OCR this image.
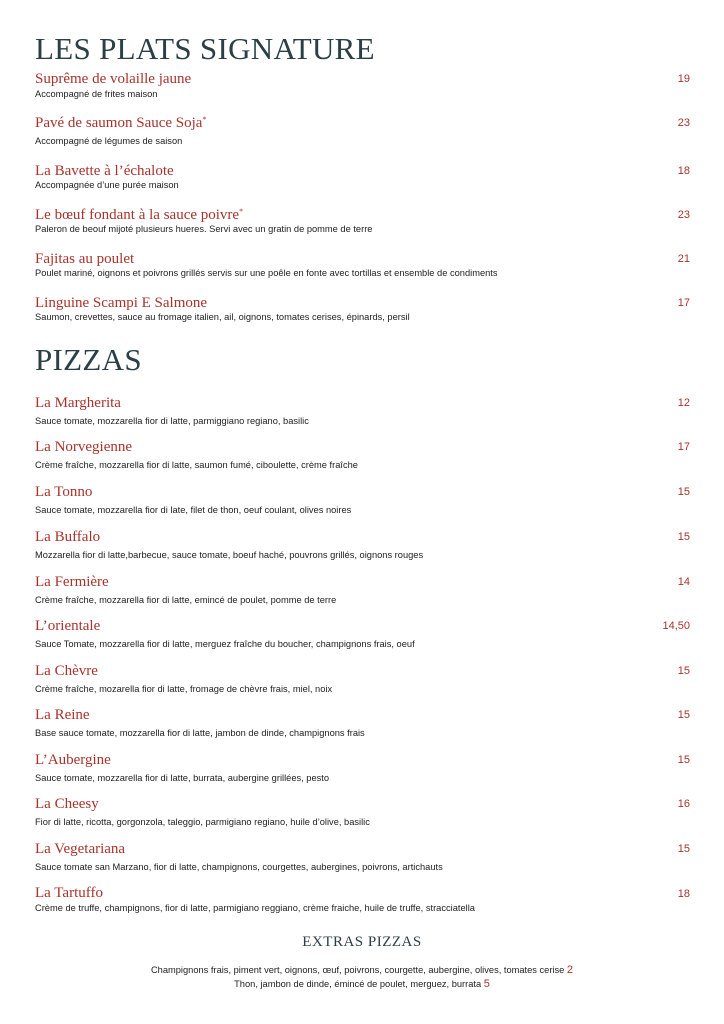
LES PLATS SIGNATURE
Suprême de volaille jaune
Accompagné de frites maison
19
Pavé de saumon Sauce Soja*
Accompagné de légumes de saison
23
La Bavette à l’échalote
Accompagnée d’une purée maison
18
Le bœuf fondant à la sauce poivre*
Paleron de beouf mijoté plusieurs hueres. Servi avec un gratin de pomme de terre
23
Fajitas au poulet
Poulet mariné, oignons et poivrons grillés servis sur une poêle en fonte avec tortillas et ensemble de condiments
21
Linguine Scampi E Salmone
Saumon, crevettes, sauce au fromage italien, ail, oignons, tomates cerises, épinards, persil
17
PIZZAS
La Margherita
Sauce tomate, mozzarella fior di latte, parmiggiano regiano, basilic
12
La Norvegienne
Crème fraîche, mozzarella fior di latte, saumon fumé, ciboulette, crème fraîche
17
La Tonno
Sauce tomate, mozzarella fior di late, filet de thon, oeuf coulant, olives noires
15
La Buffalo
Mozzarella fior di latte,barbecue, sauce tomate, boeuf haché, pouvrons grillés, oignons rouges
15
La Fermière
Crème fraîche, mozzarella fior di latte, emincé de poulet, pomme de terre
14
L’orientale
Sauce Tomate, mozzarella fior di latte, merguez fraîche du boucher, champignons frais, oeuf
14,50
La Chèvre
Crème fraîche, mozarella fior di latte, fromage de chèvre frais, miel, noix
15
La Reine
Base sauce tomate, mozzarella fior di latte, jambon de dinde, champignons frais
15
L’Aubergine
Sauce tomate, mozzarella fior di latte, burrata, aubergine grillées, pesto
15
La Cheesy
Fior di latte, ricotta, gorgonzola, taleggio, parmigiano regiano, huile d’olive, basilic
16
La Vegetariana
Sauce tomate san Marzano, fior di latte, champignons, courgettes, aubergines, poivrons, artichauts
15
La Tartuffo
Crème de truffe, champignons, fior di latte, parmigiano reggiano, crème fraiche, huile de truffe, stracciatella
18
EXTRAS PIZZAS
Champignons frais, piment vert, oignons, œuf, poivrons, courgette, aubergine, olives, tomates cerise 2
Thon, jambon de dinde, émincé de poulet, merguez, burrata 5
